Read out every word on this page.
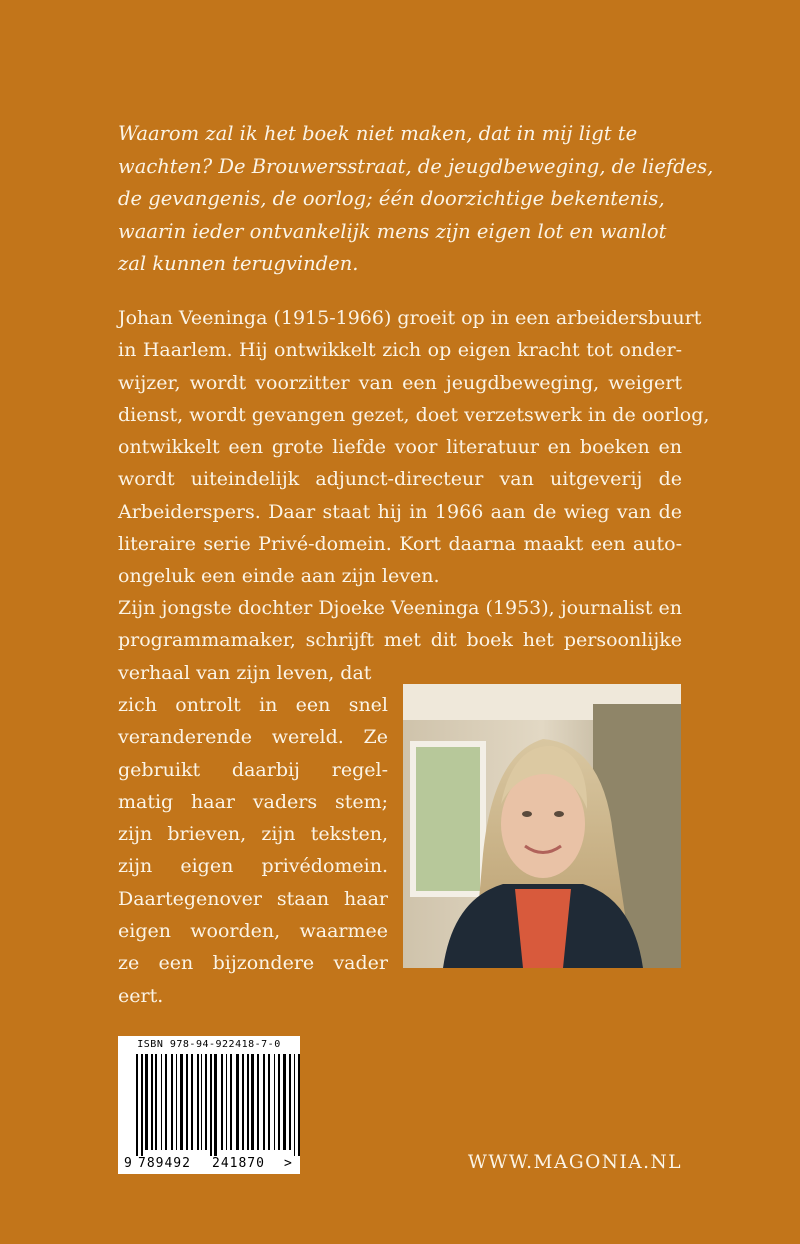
Waarom zal ik het boek niet maken, dat in mij ligt te
wachten? De Brouwersstraat, de jeugdbeweging, de liefdes,
de gevangenis, de oorlog; één doorzichtige bekentenis,
waarin ieder ontvankelijk mens zijn eigen lot en wanlot
zal kunnen terugvinden.
Johan Veeninga (1915-1966) groeit op in een arbeidersbuurt
in Haarlem. Hij ontwikkelt zich op eigen kracht tot onder-
wijzer, wordt voorzitter van een jeugdbeweging, weigert
dienst, wordt gevangen gezet, doet verzetswerk in de oorlog,
ontwikkelt een grote liefde voor literatuur en boeken en
wordt uiteindelijk adjunct-directeur van uitgeverij de
Arbeiderspers. Daar staat hij in 1966 aan de wieg van de
literaire serie Privé-domein. Kort daarna maakt een auto-
ongeluk een einde aan zijn leven.
Zijn jongste dochter Djoeke Veeninga (1953), journalist en
programmamaker, schrijft met dit boek het persoonlijke
verhaal van zijn leven, dat
zich ontrolt in een snel
veranderende wereld. Ze
gebruikt daarbij regel-
matig haar vaders stem;
zijn brieven, zijn teksten,
zijn eigen privédomein.
Daartegenover staan haar
eigen woorden, waarmee
ze een bijzondere vader
eert.
ISBN 978-94-922418-7-0
9 789492 241870 >	WWW.MAGONIA.NL
